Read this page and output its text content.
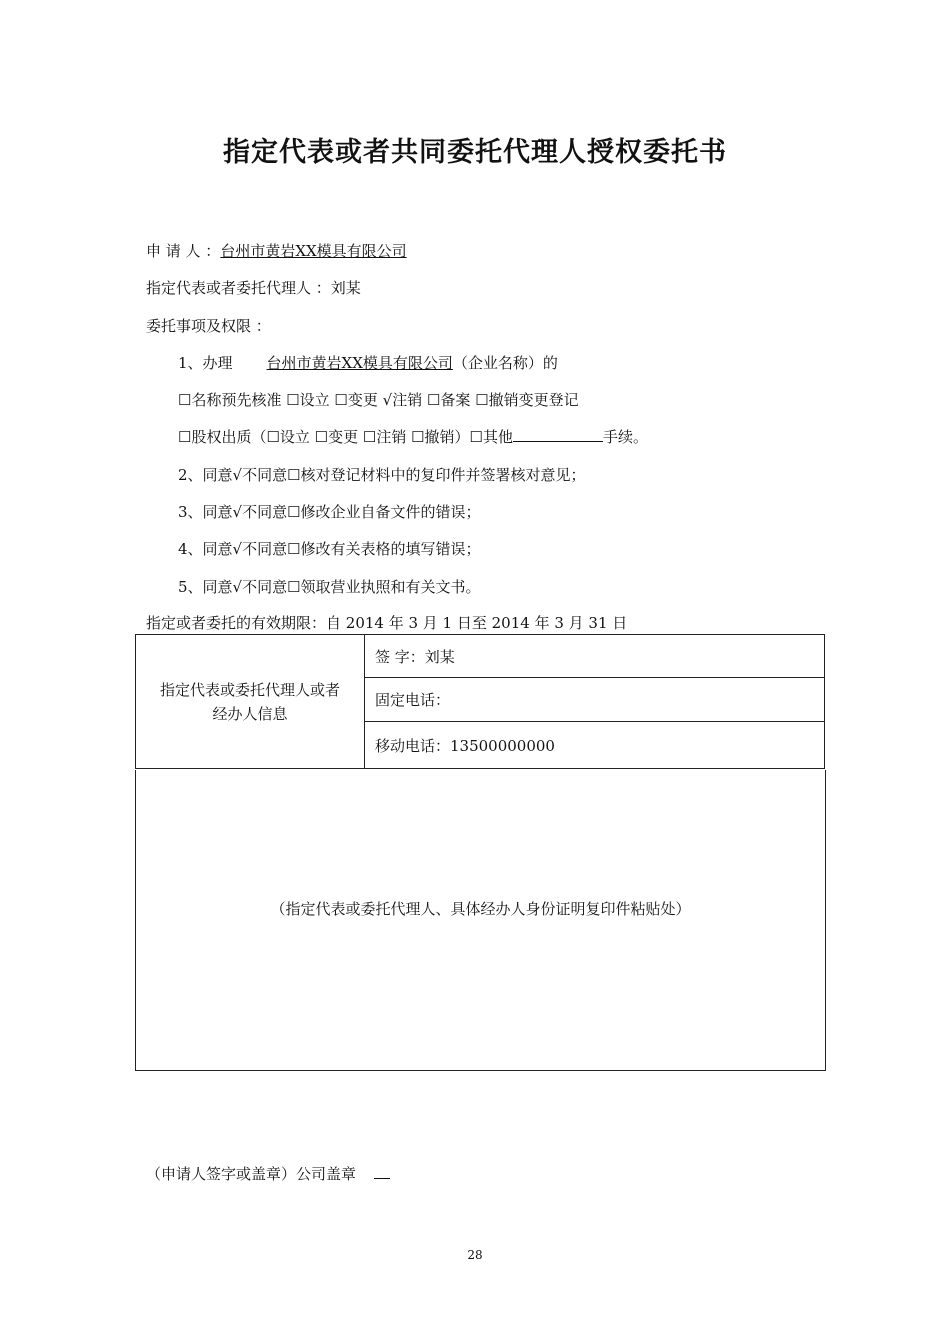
指定代表或者共同委托代理人授权委托书
申 请 人 ：台州市黄岩XX模具有限公司
指定代表或者委托代理人 ：刘某
委托事项及权限 ：
1、办理 台州市黄岩XX模具有限公司（企业名称）的
☐名称预先核准 ☐设立 ☐变更 √注销 ☐备案 ☐撤销变更登记
☐股权出质（☐设立 ☐变更 ☐注销 ☐撤销）☐其他	手续。
2、同意√不同意☐核对登记材料中的复印件并签署核对意见；
3、同意√不同意☐修改企业自备文件的错误；
4、同意√不同意☐修改有关表格的填写错误；
5、同意√不同意☐领取营业执照和有关文书。
指定或者委托的有效期限：自 2014 年 3 月 1 日至 2014 年 3 月 31 日
指定代表或委托代理人或者经办人信息
	签 字：刘某
固定电话：
移动电话：13500000000
（指定代表或委托代理人、具体经办人身份证明复印件粘贴处）
（申请人签字或盖章）公司盖章
28
